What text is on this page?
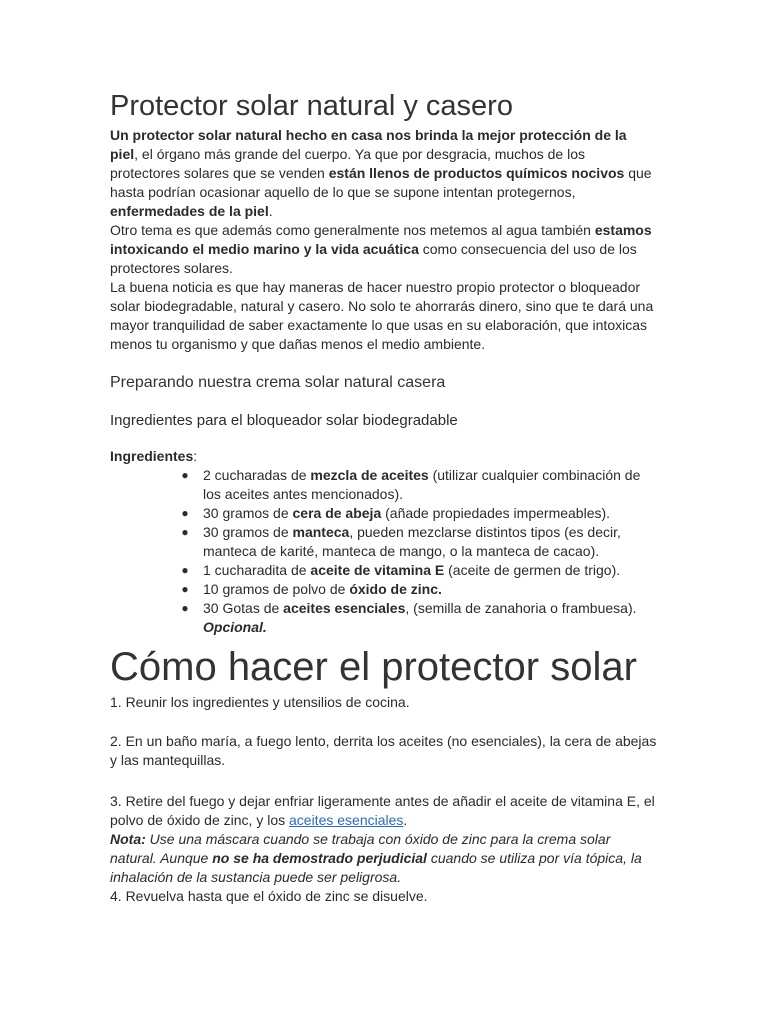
Protector solar natural y casero

Un protector solar natural hecho en casa nos brinda la mejor protección de la piel, el órgano más grande del cuerpo. Ya que por desgracia, muchos de los protectores solares que se venden están llenos de productos químicos nocivos que hasta podrían ocasionar aquello de lo que se supone intentan protegernos, enfermedades de la piel.

Otro tema es que además como generalmente nos metemos al agua también estamos intoxicando el medio marino y la vida acuática como consecuencia del uso de los protectores solares.

La buena noticia es que hay maneras de hacer nuestro propio protector o bloqueador solar biodegradable, natural y casero. No solo te ahorrarás dinero, sino que te dará una mayor tranquilidad de saber exactamente lo que usas en su elaboración, que intoxicas menos tu organismo y que dañas menos el medio ambiente.

Preparando nuestra crema solar natural casera

Ingredientes para el bloqueador solar biodegradable

Ingredientes:
● 2 cucharadas de mezcla de aceites (utilizar cualquier combinación de los aceites antes mencionados).
● 30 gramos de cera de abeja (añade propiedades impermeables).
● 30 gramos de manteca, pueden mezclarse distintos tipos (es decir, manteca de karité, manteca de mango, o la manteca de cacao).
● 1 cucharadita de aceite de vitamina E (aceite de germen de trigo).
● 10 gramos de polvo de óxido de zinc.
● 30 Gotas de aceites esenciales, (semilla de zanahoria o frambuesa). Opcional.
Cómo hacer el protector solar

1. Reunir los ingredientes y utensilios de cocina.

2. En un baño maría, a fuego lento, derrita los aceites (no esenciales), la cera de abejas y las mantequillas.

3. Retire del fuego y dejar enfriar ligeramente antes de añadir el aceite de vitamina E, el polvo de óxido de zinc, y los aceites esenciales.

Nota: Use una máscara cuando se trabaja con óxido de zinc para la crema solar natural. Aunque no se ha demostrado perjudicial cuando se utiliza por vía tópica, la inhalación de la sustancia puede ser peligrosa.

4. Revuelva hasta que el óxido de zinc se disuelve.
